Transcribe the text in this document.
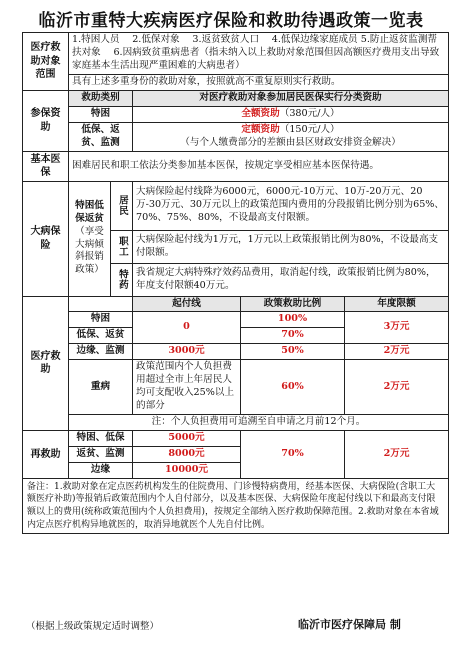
临沂市重特大疾病医疗保险和救助待遇政策一览表
医疗救助对象范围	1.特困人员　 2.低保对象　 3.返贫致贫人口　 4.低保边缘家庭成员 5.防止返贫监测帮扶对象　 6.因病致贫重病患者（指未纳入以上救助对象范围但因高额医疗费用支出导致家庭基本生活出现严重困难的大病患者）				
	具有上述多重身份的救助对象，按照就高不重复原则实行救助。				
参保资助	救助类别		对医疗救助对象参加居民医保实行分类资助		
	特困		全额资助（380元/人）		
	低保、返贫、监测		定额资助（150元/人）
（与个人缴费部分的差额由县区财政安排资金解决）		
基本医保	困难居民和职工依法分类参加基本医保，按规定享受相应基本医保待遇。				
大病保险	特困低保返贫
（享受大病倾斜报销政策）	居民	大病保险起付线降为6000元，6000元-10万元、10万-20万元、20万-30万元、30万元以上的政策范围内费用的分段报销比例分别为65%、70%、75%、80%，不设最高支付限额。		
		职工	大病保险起付线为1万元，1万元以上政策报销比例为80%，不设最高支付限额。		
		特药	我省规定大病特殊疗效药品费用，取消起付线，政策报销比例为80%，年度支付限额40万元。		
医疗救助			起付线	政策救助比例	年度限额
	特困		0	100%	3万元
	低保、返贫			70%	
	边缘、监测		3000元	50%	2万元
	重病		政策范围内个人负担费用超过全市上年居民人均可支配收入25%以上的部分	60%	2万元

	注：个人负担费用可追溯至自申请之月前12个月。				
再救助	特困、低保		5000元	70%	2万元
	返贫、监测		8000元		
	边缘		10000元		
备注：1.救助对象在定点医药机构发生的住院费用、门诊慢特病费用，经基本医保、大病保险(含职工大额医疗补助)等报销后政策范围内个人自付部分，以及基本医保、大病保险年度起付线以下和最高支付限额以上的费用(统称政策范围内个人负担费用)，按规定全部纳入医疗救助保障范围。2.救助对象在本省域内定点医疗机构异地就医的，取消异地就医个人先自付比例。					
（根据上级政策规定适时调整）	临沂市医疗保障局 制
